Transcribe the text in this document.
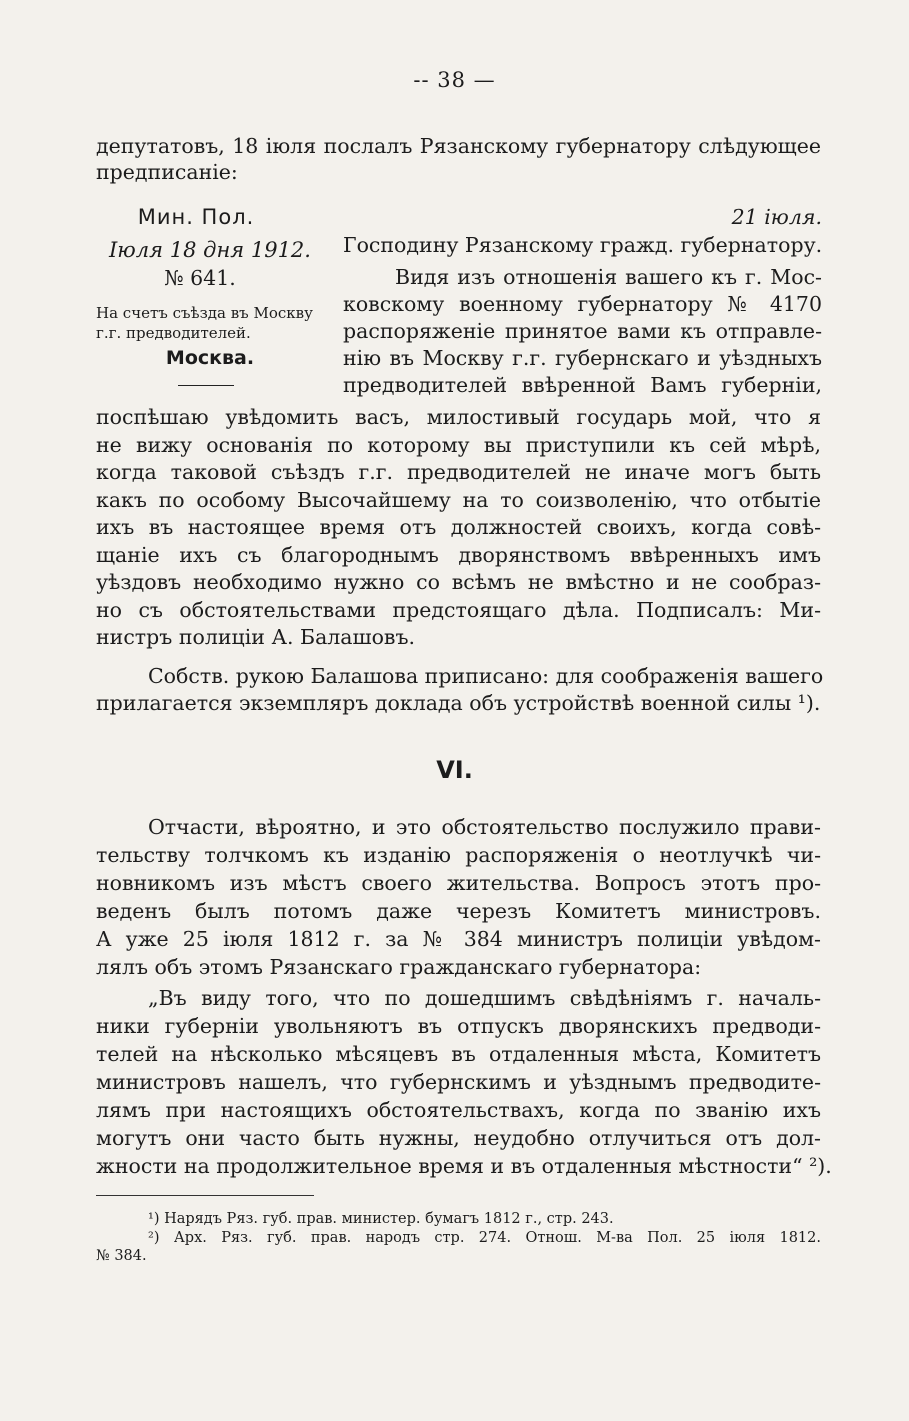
-- 38 —
депутатовъ, 18 іюля послалъ Рязанскому губернатору слѣдующее
предписаніе:
Мин. Пол.
Іюля 18 дня 1912.
№ 641.
На счетъ съѣзда въ Москву г.г. предводителей.
Москва.
21 іюля.
Господину Рязанскому гражд. губернатору.
Видя изъ отношенія вашего къ г. Мос-
ковскому военному губернатору № 4170
распоряженіе принятое вами къ отправле-
нію въ Москву г.г. губернскаго и уѣздныхъ
предводителей ввѣренной Вамъ губерніи,
поспѣшаю увѣдомить васъ, милостивый государь мой, что я
не вижу основанія по которому вы приступили къ сей мѣрѣ,
когда таковой съѣздъ г.г. предводителей не иначе могъ быть
какъ по особому Высочайшему на то соизволенію, что отбытіе
ихъ въ настоящее время отъ должностей своихъ, когда совѣ-
щаніе ихъ съ благороднымъ дворянствомъ ввѣренныхъ имъ
уѣздовъ необходимо нужно со всѣмъ не вмѣстно и не сообраз-
но съ обстоятельствами предстоящаго дѣла. Подписалъ: Ми-
нистръ полиціи А. Балашовъ.
Собств. рукою Балашова приписано: для соображенія вашего
прилагается экземпляръ доклада объ устройствѣ военной силы ¹).
VI.
Отчасти, вѣроятно, и это обстоятельство послужило прави-
тельству толчкомъ къ изданію распоряженія о неотлучкѣ чи-
новникомъ изъ мѣстъ своего жительства. Вопросъ этотъ про-
веденъ былъ потомъ даже черезъ Комитетъ министровъ.
А уже 25 іюля 1812 г. за № 384 министръ полиціи увѣдом-
лялъ объ этомъ Рязанскаго гражданскаго губернатора:
„Въ виду того, что по дошедшимъ свѣдѣніямъ г. началь-
ники губерніи увольняютъ въ отпускъ дворянскихъ предводи-
телей на нѣсколько мѣсяцевъ въ отдаленныя мѣста, Комитетъ
министровъ нашелъ, что губернскимъ и уѣзднымъ предводите-
лямъ при настоящихъ обстоятельствахъ, когда по званію ихъ
могутъ они часто быть нужны, неудобно отлучиться отъ дол-
жности на продолжительное время и въ отдаленныя мѣстности“ ²).
¹) Нарядъ Ряз. губ. прав. министер. бумагъ 1812 г., стр. 243.
²) Арх. Ряз. губ. прав. народъ стр. 274. Отнош. М-ва Пол. 25 іюля 1812.
№ 384.
